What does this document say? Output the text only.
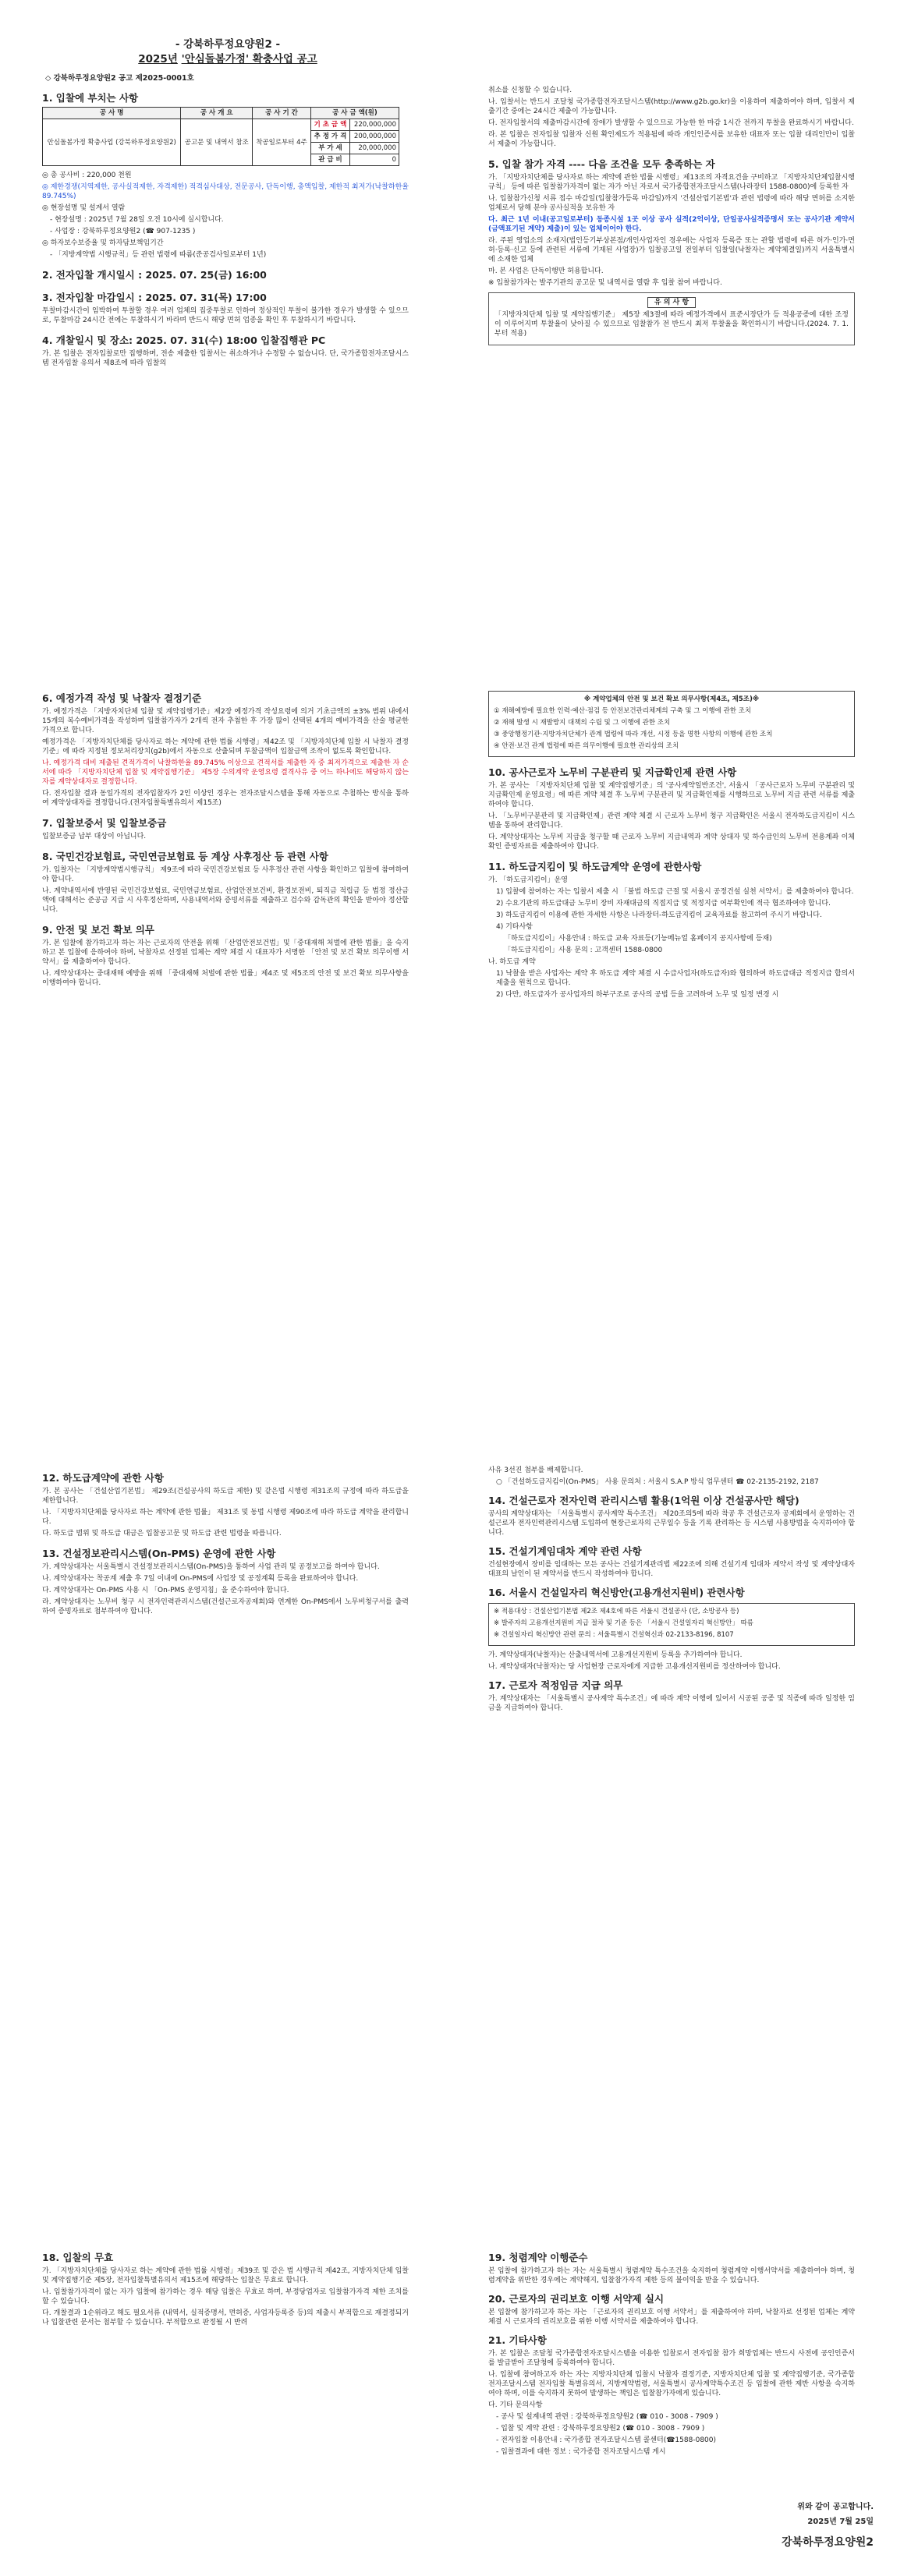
- 강북하루정요양원2 -
2025년 '안심돌봄가정' 확충사업 공고
◇ 강북하루정요양원2 공고 제2025-0001호
1. 입찰에 부치는 사항
공 사 명	공 사 개 요	공 사 기 간	공 사 금 액(원)	
안심돌봄가정 확충사업 (강북하루정요양원2)	공고문 및 내역서 참조	착공일로부터 4주	기 초 금 액	220,000,000
			추 정 가 격	200,000,000
			부 가 세	20,000,000
			관 급 비	0

◎ 총 공사비 : 220,000 천원

◎ 제한경쟁(지역제한, 공사실적제한, 자격제한) 적격심사대상, 전문공사, 단독이행, 총액입찰, 제한적 최저가(낙찰하한율 89.745%)

◎ 현장설명 및 설계서 열람

- 현장설명 : 2025년 7월 28일 오전 10시에 실시합니다.

- 사업장 : 강북하루정요양원2 (☎ 907-1235 )

◎ 하자보수보증율 및 하자담보책임기간

- 「지방계약법 시행규칙」등 관련 법령에 따름(준공검사일로부터 1년)

2. 전자입찰 개시일시 : 2025. 07. 25(금) 16:00
3. 전자입찰 마감일시 : 2025. 07. 31(목) 17:00

투찰마감시간이 임박하여 투찰할 경우 여러 업체의 집중투찰로 인하여 정상적인 투찰이 불가한 경우가 발생할 수 있으므로, 투찰마감 24시간 전에는 투찰하시기 바라며 반드시 해당 면허 업종을 확인 후 투찰하시기 바랍니다.

4. 개찰일시 및 장소: 2025. 07. 31(수) 18:00 입찰집행관 PC

가. 본 입찰은 전자입찰로만 집행하며, 전송 제출한 입찰서는 취소하거나 수정할 수 없습니다. 단, 국가종합전자조달시스템 전자입찰 유의서 제8조에 따라 입찰의

취소를 신청할 수 있습니다.

나. 입찰서는 반드시 조달청 국가종합전자조달시스템(http://www.g2b.go.kr)을 이용하여 제출하여야 하며, 입찰서 제출기간 중에는 24시간 제출이 가능합니다.

다. 전자입찰서의 제출마감시간에 장애가 발생할 수 있으므로 가능한 한 마감 1시간 전까지 투찰을 완료하시기 바랍니다.

라. 본 입찰은 전자입찰 입찰자 신원 확인제도가 적용됨에 따라 개인인증서를 보유한 대표자 또는 입찰 대리인만이 입찰서 제출이 가능합니다.

5. 입찰 참가 자격 ---- 다음 조건을 모두 충족하는 자

가. 「지방자치단체를 당사자로 하는 계약에 관한 법률 시행령」제13조의 자격요건을 구비하고 「지방자치단체입찰시행규칙」 등에 따른 입찰참가자격이 없는 자가 아닌 자로서 국가종합전자조달시스템(나라장터 1588-0800)에 등록한 자

나. 입찰참가신청 서류 접수 마감일(입찰참가등록 마감일)까지 '건설산업기본법'과 관련 법령에 따라 해당 면허를 소지한 업체로서 당해 분야 공사실적을 보유한 자

다. 최근 1년 이내(공고일로부터) 동종시설 1곳 이상 공사 실적(2억이상, 단일공사실적증명서 또는 공사기관 계약서(금액표기된 계약) 제출)이 있는 업체이어야 한다.

라. 주된 영업소의 소재지(법인등기부상본점/개인사업자인 경우에는 사업자 등록증 또는 관할 법령에 따른 허가·인가·면허·등록·신고 등에 관련된 서류에 기재된 사업장)가 입찰공고일 전일부터 입찰일(낙찰자는 계약체결일)까지 서울특별시에 소재한 업체

마. 본 사업은 단독이행만 허용합니다.

※ 입찰참가자는 발주기관의 공고문 및 내역서를 열람 후 입찰 참여 바랍니다.

유 의 사 항

「지방자치단체 입찰 및 계약집행기준」 제5장 제3절에 따라 예정가격에서 표준시장단가 등 적용공종에 대한 조정이 이루어지며 투찰율이 낮아질 수 있으므로 입찰참가 전 반드시 최저 투찰율을 확인하시기 바랍니다.(2024. 7. 1. 부터 적용)

6. 예정가격 작성 및 낙찰자 결정기준

가. 예정가격은 「지방자치단체 입찰 및 계약집행기준」제2장 예정가격 작성요령에 의거 기초금액의 ±3% 범위 내에서 15개의 복수예비가격을 작성하며 입찰참가자가 2개씩 전자 추첨한 후 가장 많이 선택된 4개의 예비가격을 산술 평균한 가격으로 합니다.

예정가격은 「지방자치단체를 당사자로 하는 계약에 관한 법률 시행령」제42조 및 「지방자치단체 입찰 시 낙찰자 결정기준」에 따라 지정된 정보처리장치(g2b)에서 자동으로 산출되며 투찰금액이 입찰금액 조작이 없도록 확인합니다.

나. 예정가격 대비 제출된 견적가격이 낙찰하한율 89.745% 이상으로 견적서를 제출한 자 중 최저가격으로 제출한 자 순서에 따라 「지방자치단체 입찰 및 계약집행기준」 제5장 수의계약 운영요령 결격사유 중 어느 하나에도 해당하지 않는 자를 계약상대자로 결정합니다.

다. 전자입찰 결과 동일가격의 전자입찰자가 2인 이상인 경우는 전자조달시스템을 통해 자동으로 추첨하는 방식을 통하여 계약상대자를 결정합니다.(전자입찰특별유의서 제15조)

7. 입찰보증서 및 입찰보증금

입찰보증금 납부 대상이 아닙니다.

8. 국민건강보험료, 국민연금보험료 등 계상 사후정산 등 관련 사항

가. 입찰자는 「지방계약법시행규칙」 제9조에 따라 국민건강보험료 등 사후정산 관련 사항을 확인하고 입찰에 참여하여야 합니다.

나. 계약내역서에 반영된 국민건강보험료, 국민연금보험료, 산업안전보건비, 환경보전비, 퇴직금 적립금 등 법정 정산금액에 대해서는 준공금 지급 시 사후정산하며, 사용내역서와 증빙서류를 제출하고 검수와 감독관의 확인을 받아야 정산합니다.

9. 안전 및 보건 확보 의무

가. 본 입찰에 참가하고자 하는 자는 근로자의 안전을 위해 「산업안전보건법」및「중대재해 처벌에 관한 법률」을 숙지하고 본 입찰에 응하여야 하며, 낙찰자로 선정된 업체는 계약 체결 시 대표자가 서명한 「안전 및 보건 확보 의무이행 서약서」를 제출하여야 합니다.

나. 계약상대자는 중대재해 예방을 위해 「중대재해 처벌에 관한 법률」제4조 및 제5조의 안전 및 보건 확보 의무사항을 이행하여야 합니다.

※ 계약업체의 안전 및 보건 확보 의무사항(제4조, 제5조)※

① 재해예방에 필요한 인력·예산·점검 등 안전보건관리체계의 구축 및 그 이행에 관한 조치

② 재해 발생 시 재발방지 대책의 수립 및 그 이행에 관한 조치

③ 중앙행정기관·지방자치단체가 관계 법령에 따라 개선, 시정 등을 명한 사항의 이행에 관한 조치

④ 안전·보건 관계 법령에 따른 의무이행에 필요한 관리상의 조치

10. 공사근로자 노무비 구분관리 및 지급확인제 관련 사항

가. 본 공사는 「지방자치단체 입찰 및 계약집행기준」의 '공사계약일반조건', 서울시 「공사근로자 노무비 구분관리 및 지급확인제 운영요령」에 따른 계약 체결 후 노무비 구분관리 및 지급확인제를 시행하므로 노무비 지급 관련 서류를 제출하여야 합니다.

나. 「노무비구분관리 및 지급확인제」관련 계약 체결 시 근로자 노무비 청구 지급확인은 서울시 전자하도급지킴이 시스템을 통하여 관리합니다.

다. 계약상대자는 노무비 지급을 청구할 때 근로자 노무비 지급내역과 계약 상대자 및 하수급인의 노무비 전용계좌 이체확인 증빙자료를 제출하여야 합니다.

11. 하도급지킴이 및 하도급계약 운영에 관한사항

가. 「하도급지킴이」운영

1) 입찰에 참여하는 자는 입찰서 제출 시 「불법 하도급 근절 및 서울시 공정건설 실천 서약서」를 제출하여야 합니다.

2) 수요기관의 하도급대금 노무비 장비 자재대금의 직접지급 및 적정지급 여부확인에 적극 협조하여야 합니다.

3) 하도급지킴이 이용에 관한 자세한 사항은 나라장터-하도급지킴이 교육자료를 참고하여 주시기 바랍니다.

4) 기타사항

「하도급지킴이」사용안내 : 하도급 교육 자료등(기능메뉴얼 홈페이지 공지사항에 등재)

「하도급지킴이」사용 문의 : 고객센터 1588-0800

나. 하도급 계약

1) 낙찰을 받은 사업자는 계약 후 하도급 계약 체결 시 수급사업자(하도급자)와 협의하여 하도급대금 적정지급 합의서 제출을 원칙으로 합니다.

2) 다만, 하도급자가 공사업자의 하부구조로 공사의 공법 등을 고려하여 노무 및 일정 변경 시

12. 하도급계약에 관한 사항

가. 본 공사는 「건설산업기본법」 제29조(건설공사의 하도급 제한) 및 같은법 시행령 제31조의 규정에 따라 하도급을 제한합니다.

나. 「지방자치단체를 당사자로 하는 계약에 관한 법률」 제31조 및 동법 시행령 제90조에 따라 하도급 계약을 관리합니다.

다. 하도급 범위 및 하도급 대금은 입찰공고문 및 하도급 관련 법령을 따릅니다.

13. 건설정보관리시스템(On-PMS) 운영에 관한 사항

가. 계약상대자는 서울특별시 건설정보관리시스템(On-PMS)을 통하여 사업 관리 및 공정보고를 하여야 합니다.

나. 계약상대자는 착공계 제출 후 7일 이내에 On-PMS에 사업장 및 공정계획 등록을 완료하여야 합니다.

다. 계약상대자는 On-PMS 사용 시 「On-PMS 운영지침」을 준수하여야 합니다.

라. 계약상대자는 노무비 청구 시 전자인력관리시스템(건설근로자공제회)와 연계한 On-PMS에서 노무비청구서를 출력하여 증빙자료로 첨부하여야 합니다.

사유 3선진 첨부를 배제합니다.

○ 「건설하도급지킴이(On-PMS」 사용 문의처 : 서울시 S.A.P 방식 업무센터 ☎ 02-2135-2192, 2187

14. 건설근로자 전자인력 관리시스템 활용(1억원 이상 건설공사만 해당)

공사의 계약상대자는 「서울특별시 공사계약 특수조건」 제20조의5에 따라 착공 후 건설근로자 공제회에서 운영하는 건설근로자 전자인력관리시스템 도입하여 현장근로자의 근무일수 등을 기록 관리하는 등 시스템 사용방법을 숙지하여야 합니다.

15. 건설기계임대차 계약 관련 사항

건설현장에서 장비를 임대하는 모든 공사는 건설기계관리법 제22조에 의해 건설기계 임대차 계약서 작성 및 계약상대자 대표의 날인이 된 계약서를 반드시 작성하여야 합니다.

16. 서울시 건설일자리 혁신방안(고용개선지원비) 관련사항

※ 적용대상 : 건설산업기본법 제2조 제4호에 따른 서울시 건설공사 (단, 소방공사 등)

※ 발주자의 고용개선지원비 지급 절차 및 기준 등은 「서울시 건설일자리 혁신방안」 따름

※ 건설일자리 혁신방안 관련 문의 : 서울특별시 건설혁신과 02-2133-8196, 8107

가. 계약상대자(낙찰자)는 산출내역서에 고용개선지원비 등록을 추가하여야 합니다.

나. 계약상대자(낙찰자)는 당 사업현장 근로자에게 지급한 고용개선지원비를 정산하여야 합니다.

17. 근로자 적정임금 지급 의무

가. 계약상대자는 「서울특별시 공사계약 특수조건」에 따라 계약 이행에 있어서 시공된 공종 및 직종에 따라 일정한 임금을 지급하여야 합니다.

18. 입찰의 무효

가. 「지방자치단체를 당사자로 하는 계약에 관한 법률 시행령」제39조 및 같은 법 시행규칙 제42조, 지방자치단체 입찰 및 계약집행기준 제5장, 전자입찰특별유의서 제15조에 해당하는 입찰은 무효로 합니다.

나. 입찰참가자격이 없는 자가 입찰에 참가하는 경우 해당 입찰은 무효로 하며, 부정당업자로 입찰참가자격 제한 조치를 할 수 있습니다.

다. 개찰결과 1순위라고 해도 필요서류 (내역서, 실적증명서, 면허증, 사업자등록증 등)의 제출시 부적합으로 재결정되거나 입찰관련 문서는 첨부할 수 있습니다. 부적합으로 판정될 시 반려

19. 청렴계약 이행준수

본 입찰에 참가하고자 하는 자는 서울특별시 청렴계약 특수조건을 숙지하여 청렴계약 이행서약서를 제출하여야 하며, 청렴계약을 위반한 경우에는 계약해지, 입찰참가자격 제한 등의 불이익을 받을 수 있습니다.

20. 근로자의 권리보호 이행 서약제 실시

본 입찰에 참가하고자 하는 자는 「근로자의 권리보호 이행 서약서」를 제출하여야 하며, 낙찰자로 선정된 업체는 계약 체결 시 근로자의 권리보호를 위한 이행 서약서를 제출하여야 합니다.

21. 기타사항

가. 본 입찰은 조달청 국가종합전자조달시스템을 이용한 입찰로서 전자입찰 참가 희망업체는 반드시 사전에 공인인증서를 발급받아 조달청에 등록하여야 합니다.

나. 입찰에 참여하고자 하는 자는 지방자치단체 입찰시 낙찰자 결정기준, 지방자치단체 입찰 및 계약집행기준, 국가종합 전자조달시스템 전자입찰 특별유의서, 지방계약법령, 서울특별시 공사계약특수조건 등 입찰에 관한 제반 사항을 숙지하여야 하며, 이를 숙지하지 못하여 발생하는 책임은 입찰참가자에게 있습니다.

다. 기타 문의사항

- 공사 및 설계내역 관련 : 강북하루정요양원2 (☎ 010 - 3008 - 7909 )

- 입찰 및 계약 관련 : 강북하루정요양원2 (☎ 010 - 3008 - 7909 )

- 전자입찰 이용안내 : 국가종합 전자조달시스템 콜센터(☎1588-0800)

- 입찰결과에 대한 정보 : 국가종합 전자조달시스템 게시

위와 같이 공고합니다.
2025년 7월 25일
강북하루정요양원2
